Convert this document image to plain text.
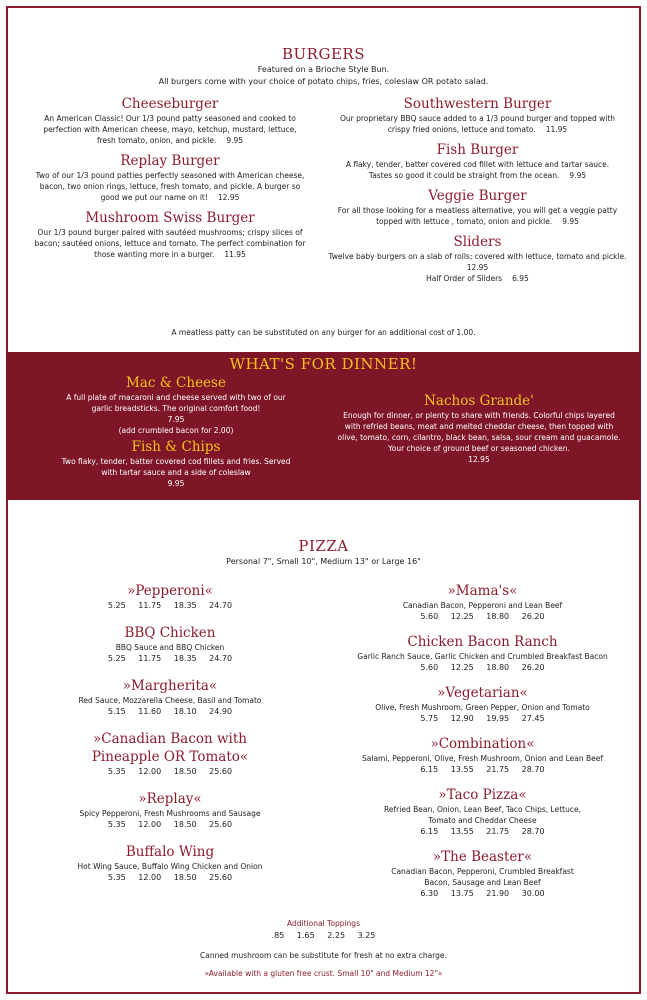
BURGERS
Featured on a Brioche Style Bun.
All burgers come with your choice of potato chips, fries, coleslaw OR potato salad.
Cheeseburger
An American Classic! Our 1/3 pound patty seasoned and cooked to perfection with American cheese, mayo, ketchup, mustard, lettuce, fresh tomato, onion, and pickle. 9.95
Replay Burger
Two of our 1/3 pound patties perfectly seasoned with American cheese, bacon, two onion rings, lettuce, fresh tomato, and pickle. A burger so good we put our name on it! 12.95
Mushroom Swiss Burger
Our 1/3 pound burger paired with sautéed mushrooms; crispy slices of bacon; sautéed onions, lettuce and tomato. The perfect combination for those wanting more in a burger. 11.95
Southwestern Burger
Our proprietary BBQ sauce added to a 1/3 pound burger and topped with crispy fried onions, lettuce and tomato. 11.95
Fish Burger
A flaky, tender, batter covered cod fillet with lettuce and tartar sauce. Tastes so good it could be straight from the ocean. 9.95
Veggie Burger
For all those looking for a meatless alternative, you will get a veggie patty topped with lettuce , tomato, onion and pickle. 9.95
Sliders
Twelve baby burgers on a slab of rolls; covered with lettuce, tomato and pickle.
12.95
Half Order of Sliders 6.95
A meatless patty can be substituted on any burger for an additional cost of 1.00.
WHAT'S FOR DINNER!
Mac & Cheese
A full plate of macaroni and cheese served with two of our garlic breadsticks. The original comfort food!
7.95
(add crumbled bacon for 2.00)
Fish & Chips
Two flaky, tender, batter covered cod fillets and fries. Served with tartar sauce and a side of coleslaw
9.95
Nachos Grande'
Enough for dinner, or plenty to share with friends. Colorful chips layered with refried beans, meat and melted cheddar cheese, then topped with olive, tomato, corn, cilantro, black bean, salsa, sour cream and guacamole. Your choice of ground beef or seasoned chicken.
12.95
PIZZA
Personal 7", Small 10", Medium 13" or Large 16"
»Pepperoni«
5.25 11.75 18.35 24.70
BBQ Chicken
BBQ Sauce and BBQ Chicken
5.25 11.75 18.35 24.70
»Margherita«
Red Sauce, Mozzarella Cheese, Basil and Tomato
5.15 11.60 18.10 24.90
»Canadian Bacon with
Pineapple OR Tomato«
5.35 12.00 18.50 25.60
»Replay«
Spicy Pepperoni, Fresh Mushrooms and Sausage
5.35 12.00 18.50 25.60
Buffalo Wing
Hot Wing Sauce, Buffalo Wing Chicken and Onion
5.35 12.00 18.50 25.60
»Mama's«
Canadian Bacon, Pepperoni and Lean Beef
5.60 12.25 18.80 26.20
Chicken Bacon Ranch
Garlic Ranch Sauce, Garlic Chicken and Crumbled Breakfast Bacon
5.60 12.25 18.80 26.20
»Vegetarian«
Olive, Fresh Mushroom, Green Pepper, Onion and Tomato
5.75 12.90 19.95 27.45
»Combination«
Salami, Pepperoni, Olive, Fresh Mushroom, Onion and Lean Beef
6.15 13.55 21.75 28.70
»Taco Pizza«
Refried Bean, Onion, Lean Beef, Taco Chips, Lettuce, Tomato and Cheddar Cheese
6.15 13.55 21.75 28.70
»The Beaster«
Canadian Bacon, Pepperoni, Crumbled Breakfast Bacon, Sausage and Lean Beef
6.30 13.75 21.90 30.00
Additional Toppings
.85 1.65 2.25 3.25
Canned mushroom can be substitute for fresh at no extra charge.
»Available with a gluten free crust. Small 10" and Medium 12"«
